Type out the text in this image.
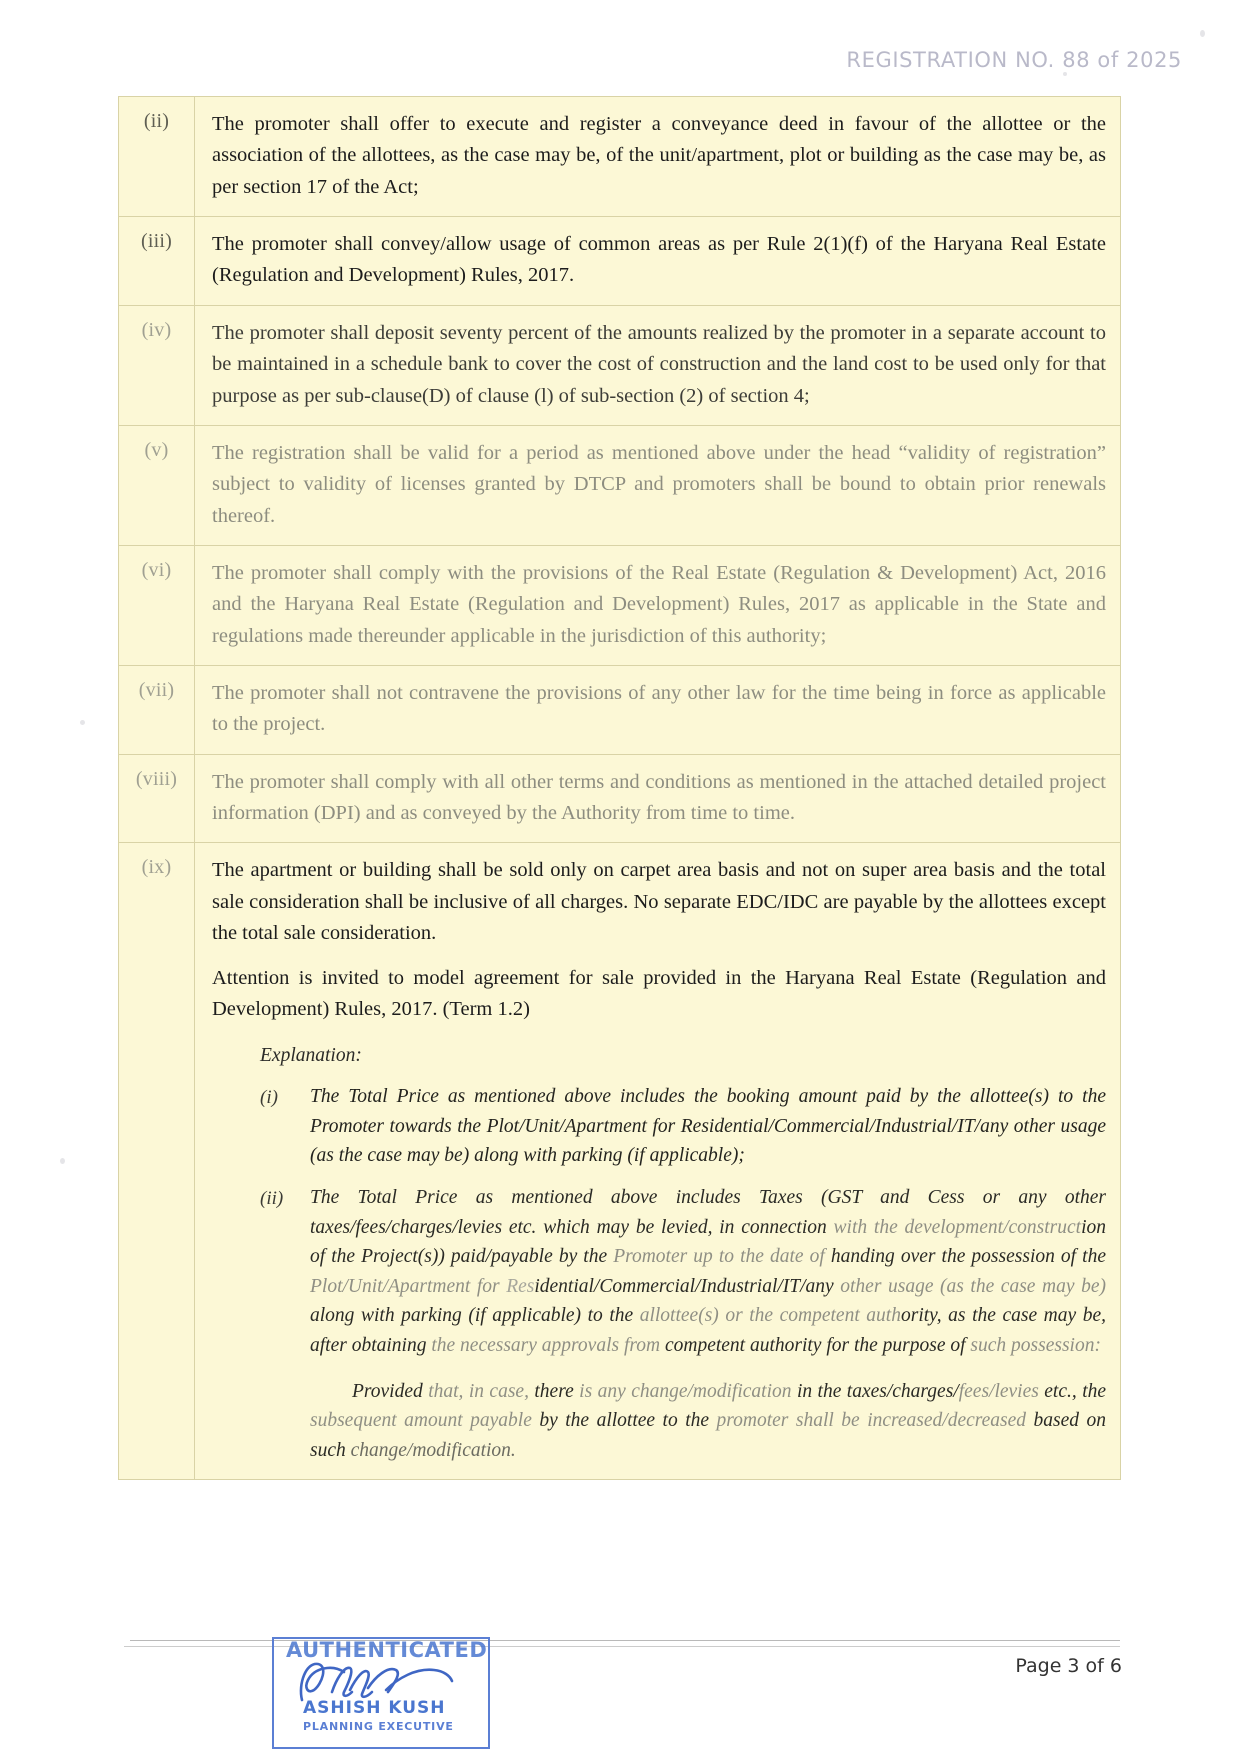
REGISTRATION NO. 88 of 2025
(ii)	The promoter shall offer to execute and register a conveyance deed in favour of the allottee or the association of the allottees, as the case may be, of the unit/apartment, plot or building as the case may be, as per section 17 of the Act;

(iii)	The promoter shall convey/allow usage of common areas as per Rule 2(1)(f) of the Haryana Real Estate (Regulation and Development) Rules, 2017.

(iv)	The promoter shall deposit seventy percent of the amounts realized by the promoter in a separate account to be maintained in a schedule bank to cover the cost of construction and the land cost to be used only for that purpose as per sub-clause(D) of clause (l) of sub-section (2) of section 4;

(v)	The registration shall be valid for a period as mentioned above under the head “validity of registration” subject to validity of licenses granted by DTCP and promoters shall be bound to obtain prior renewals thereof.

(vi)	The promoter shall comply with the provisions of the Real Estate (Regulation & Development) Act, 2016 and the Haryana Real Estate (Regulation and Development) Rules, 2017 as applicable in the State and regulations made thereunder applicable in the jurisdiction of this authority;

(vii)	The promoter shall not contravene the provisions of any other law for the time being in force as applicable to the project.

(viii)	The promoter shall comply with all other terms and conditions as mentioned in the attached detailed project information (DPI) and as conveyed by the Authority from time to time.

(ix)	The apartment or building shall be sold only on carpet area basis and not on super area basis and the total sale consideration shall be inclusive of all charges. No separate EDC/IDC are payable by the allottees except the total sale consideration.

Attention is invited to model agreement for sale provided in the Haryana Real Estate (Regulation and Development) Rules, 2017. (Term 1.2)

Explanation:
(i)	The Total Price as mentioned above includes the booking amount paid by the allottee(s) to the Promoter towards the Plot/Unit/Apartment for Residential/Commercial/Industrial/IT/any other usage (as the case may be) along with parking (if applicable);
(ii)	The Total Price as mentioned above includes Taxes (GST and Cess or any other taxes/fees/charges/levies etc. which may be levied, in connection with the development/construction of the Project(s)) paid/payable by the Promoter up to the date of handing over the possession of the Plot/Unit/Apartment for Residential/Commercial/Industrial/IT/any other usage (as the case may be) along with parking (if applicable) to the allottee(s) or the competent authority, as the case may be, after obtaining the necessary approvals from competent authority for the purpose of such possession:
Provided that, in case, there is any change/modification in the taxes/charges/fees/levies etc., the subsequent amount payable by the allottee to the promoter shall be increased/decreased based on such change/modification.
Page 3 of 6
AUTHENTICATED
ASHISH KUSH
PLANNING EXECUTIVE
